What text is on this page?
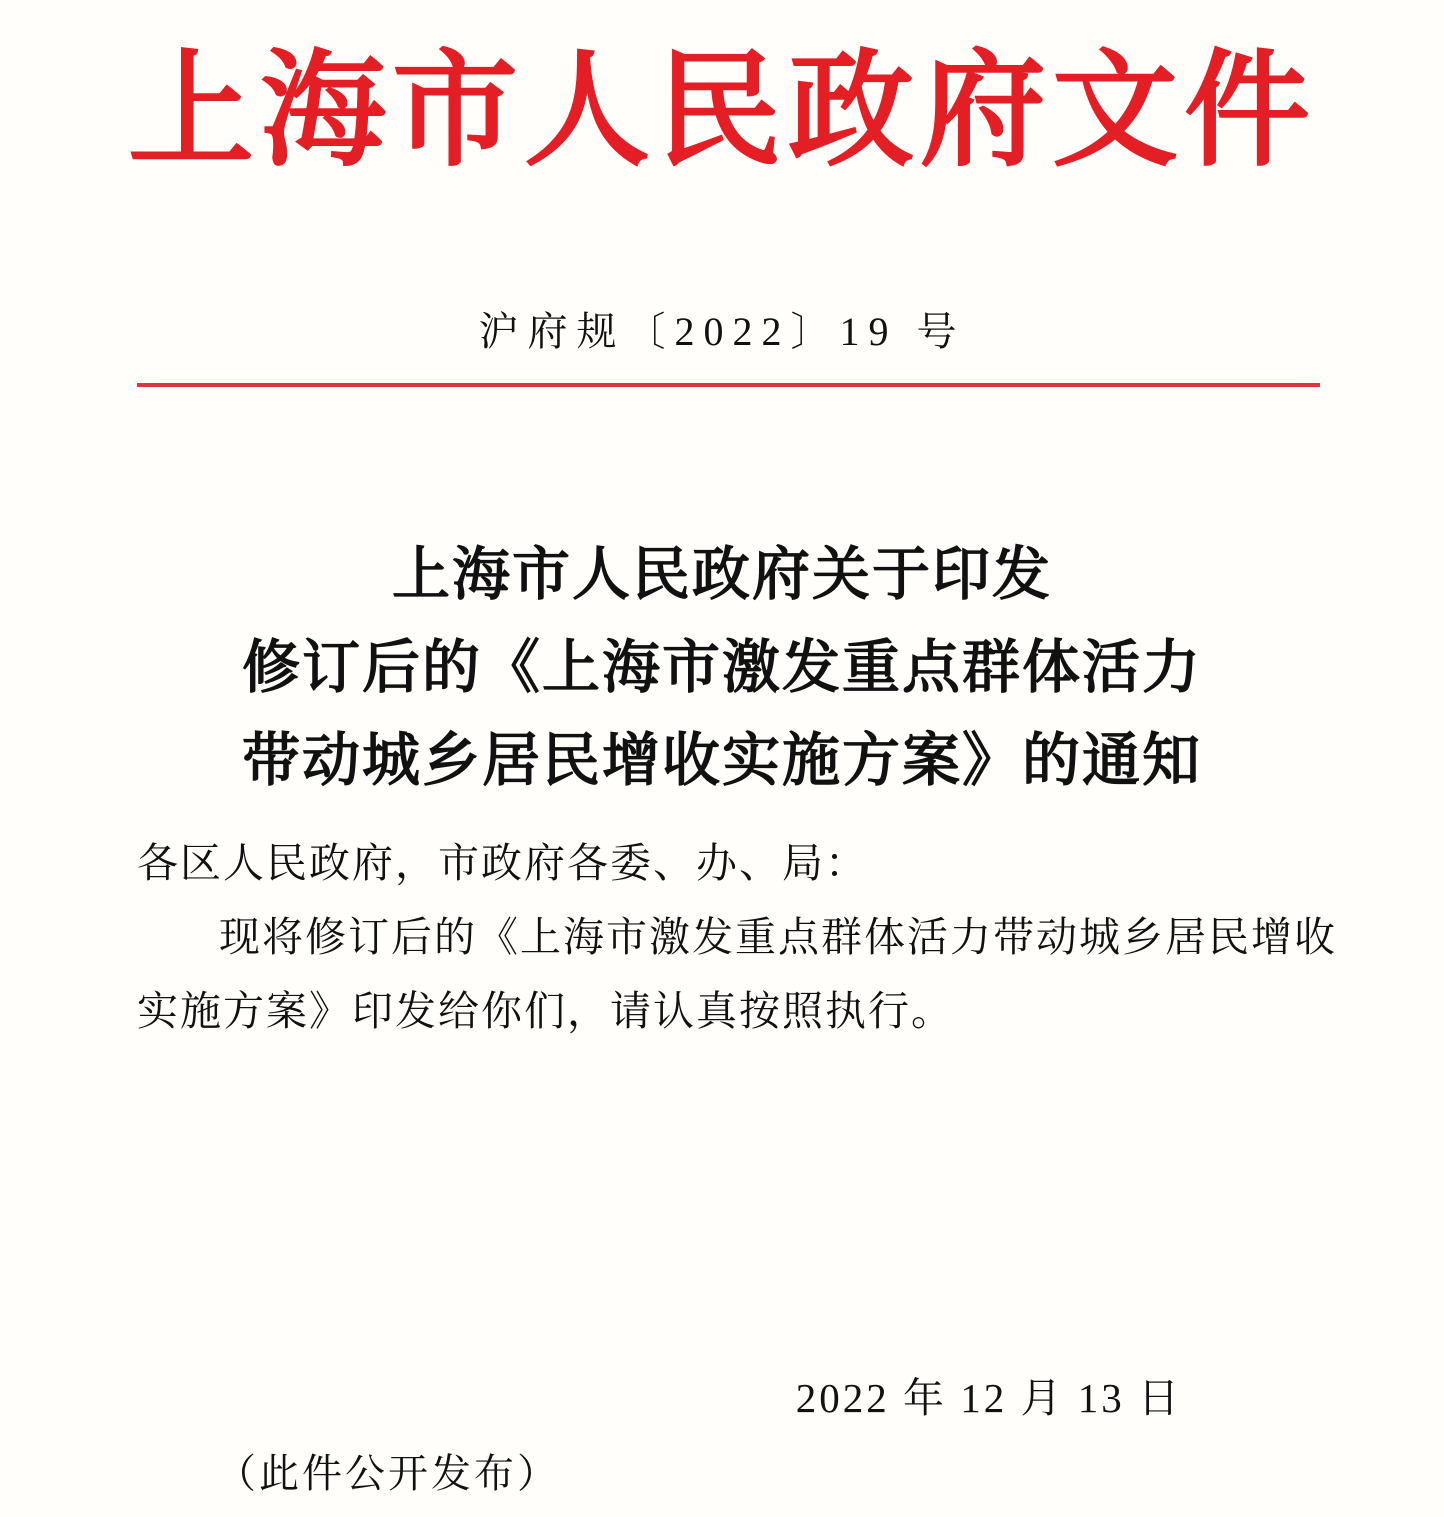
上海市人民政府文件
沪府规〔2022〕19 号
上海市人民政府关于印发
修订后的《上海市激发重点群体活力
带动城乡居民增收实施方案》的通知
各区人民政府，市政府各委、办、局：
现将修订后的《上海市激发重点群体活力带动城乡居民增收
实施方案》印发给你们，请认真按照执行。
2022 年 12 月 13 日
（此件公开发布）
